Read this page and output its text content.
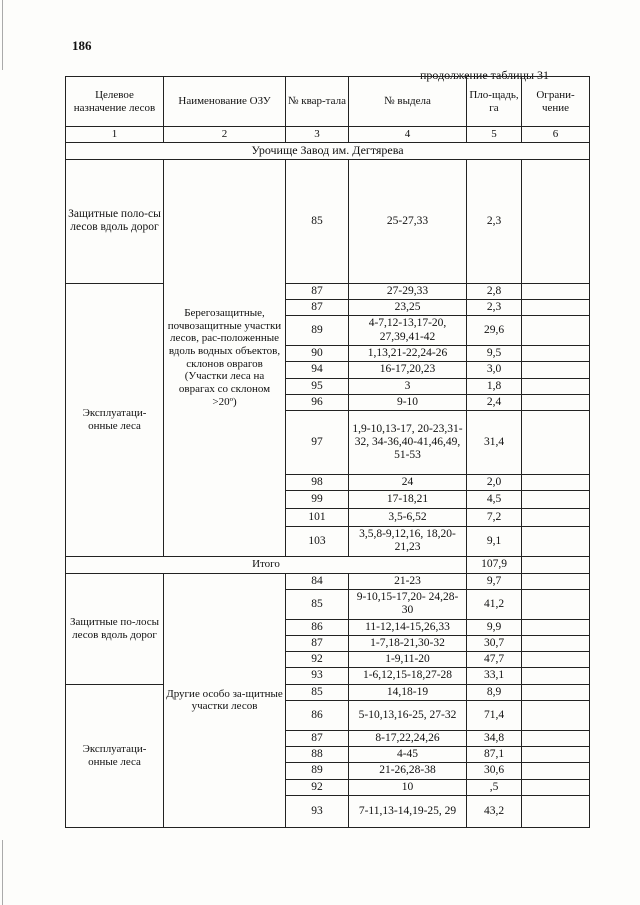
186
продолжение таблицы 31
Целевое назначение лесов	Наименование ОЗУ	№ квар-тала	№ выдела	Пло-щадь, га	Ограни-чение
1	2	3	4	5	6
Урочище Завод им. Дегтярева					
Защитные поло-сы лесов вдоль дорог	Берегозащитные, почвозащитные участки лесов, рас-положенные вдоль водных объектов, склонов оврагов (Участки леса на оврагах со склоном >20º)	85	25-27,33	2,3	
Эксплуатаци-онные леса		87	27-29,33	2,8	
		87	23,25	2,3	
		89	4-7,12-13,17-20, 27,39,41-42	29,6	
		90	1,13,21-22,24-26	9,5	
		94	16-17,20,23	3,0	
		95	3	1,8	
		96	9-10	2,4	
		97	1,9-10,13-17, 20-23,31-32, 34-36,40-41,46,49, 51-53	31,4	
		98	24	2,0	
		99	17-18,21	4,5	
		101	3,5-6,52	7,2	
		103	3,5,8-9,12,16, 18,20-21,23	9,1	
Итого				107,9	
Защитные по-лосы лесов вдоль дорог	Другие особо за-щитные участки лесов	84	21-23	9,7	
		85	9-10,15-17,20- 24,28-30	41,2	
		86	11-12,14-15,26,33	9,9	
		87	1-7,18-21,30-32	30,7	
		92	1-9,11-20	47,7	
		93	1-6,12,15-18,27-28	33,1	
Эксплуатаци-онные леса		85	14,18-19	8,9	
		86	5-10,13,16-25, 27-32	71,4	
		87	8-17,22,24,26	34,8	
		88	4-45	87,1	
		89	21-26,28-38	30,6	
		92	10	,5	
		93	7-11,13-14,19-25, 29	43,2	
